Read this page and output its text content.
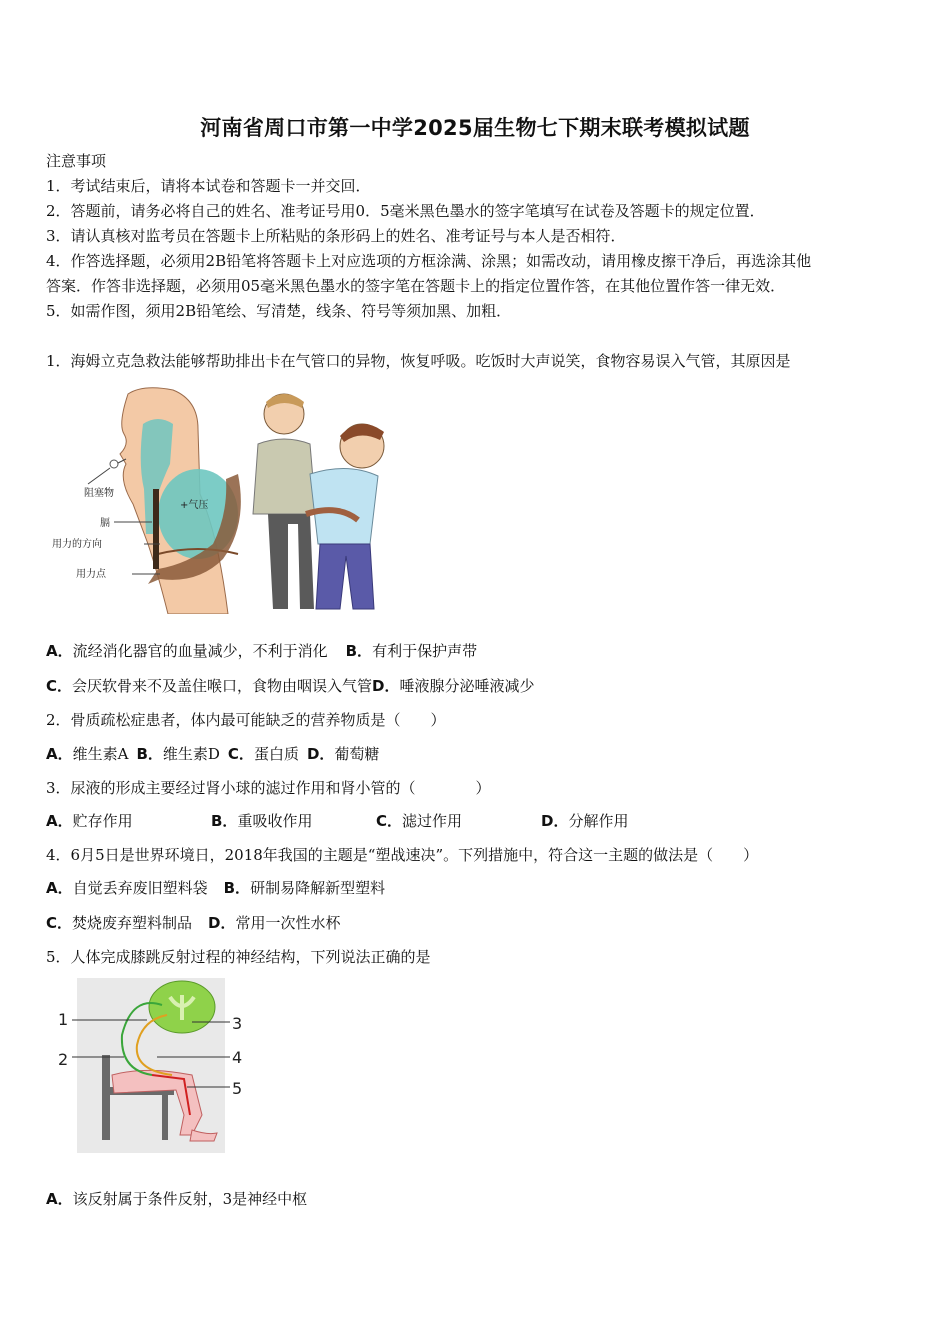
河南省周口市第一中学2025届生物七下期末联考模拟试题
注意事项
1．考试结束后，请将本试卷和答题卡一并交回．
2．答题前，请务必将自己的姓名、准考证号用0．5毫米黑色墨水的签字笔填写在试卷及答题卡的规定位置．
3．请认真核对监考员在答题卡上所粘贴的条形码上的姓名、准考证号与本人是否相符．
4．作答选择题，必须用2B铅笔将答题卡上对应选项的方框涂满、涂黑；如需改动，请用橡皮擦干净后，再选涂其他
答案．作答非选择题，必须用05毫米黑色墨水的签字笔在答题卡上的指定位置作答，在其他位置作答一律无效．
5．如需作图，须用2B铅笔绘、写清楚，线条、符号等须加黑、加粗．
1．海姆立克急救法能够帮助排出卡在气管口的异物，恢复呼吸。吃饭时大声说笑，食物容易误入气管，其原因是
阻塞物
+气压
膈
用力的方向
用力点
A．流经消化器官的血量减少，不利于消化 B．有利于保护声带
C．会厌软骨来不及盖住喉口，食物由咽误入气管D．唾液腺分泌唾液减少
2．骨质疏松症患者，体内最可能缺乏的营养物质是（　　）
A．维生素A B．维生素D C．蛋白质 D．葡萄糖
3．尿液的形成主要经过肾小球的滤过作用和肾小管的（　　　　）
A．贮存作用	B．重吸收作用	C．滤过作用	D．分解作用
4．6月5日是世界环境日，2018年我国的主题是“塑战速决”。下列措施中，符合这一主题的做法是（　　）
A．自觉丢弃废旧塑料袋 B．研制易降解新型塑料
C．焚烧废弃塑料制品 D．常用一次性水杯
5．人体完成膝跳反射过程的神经结构，下列说法正确的是
1
2
3
4
5
A．该反射属于条件反射，3是神经中枢
